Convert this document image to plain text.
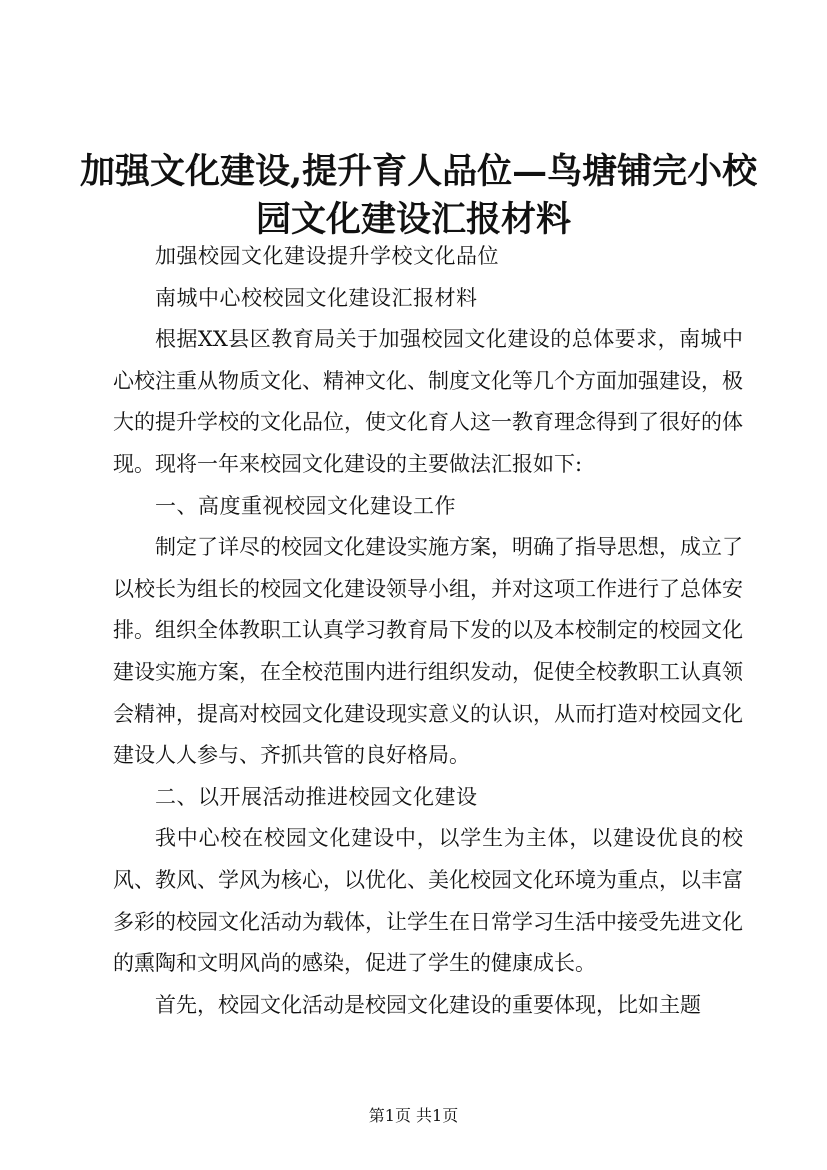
加强文化建设,提升育人品位—鸟塘铺完小校
园文化建设汇报材料

加强校园文化建设提升学校文化品位

南城中心校校园文化建设汇报材料

根据XX县区教育局关于加强校园文化建设的总体要求，南城中心校注重从物质文化、精神文化、制度文化等几个方面加强建设，极大的提升学校的文化品位，使文化育人这一教育理念得到了很好的体现。现将一年来校园文化建设的主要做法汇报如下:

一、高度重视校园文化建设工作

制定了详尽的校园文化建设实施方案，明确了指导思想，成立了以校长为组长的校园文化建设领导小组，并对这项工作进行了总体安排。组织全体教职工认真学习教育局下发的以及本校制定的校园文化建设实施方案，在全校范围内进行组织发动，促使全校教职工认真领会精神，提高对校园文化建设现实意义的认识，从而打造对校园文化建设人人参与、齐抓共管的良好格局。

二、以开展活动推进校园文化建设

我中心校在校园文化建设中，以学生为主体，以建设优良的校风、教风、学风为核心，以优化、美化校园文化环境为重点，以丰富多彩的校园文化活动为载体，让学生在日常学习生活中接受先进文化的熏陶和文明风尚的感染，促进了学生的健康成长。

首先，校园文化活动是校园文化建设的重要体现，比如主题

第1页 共1页
